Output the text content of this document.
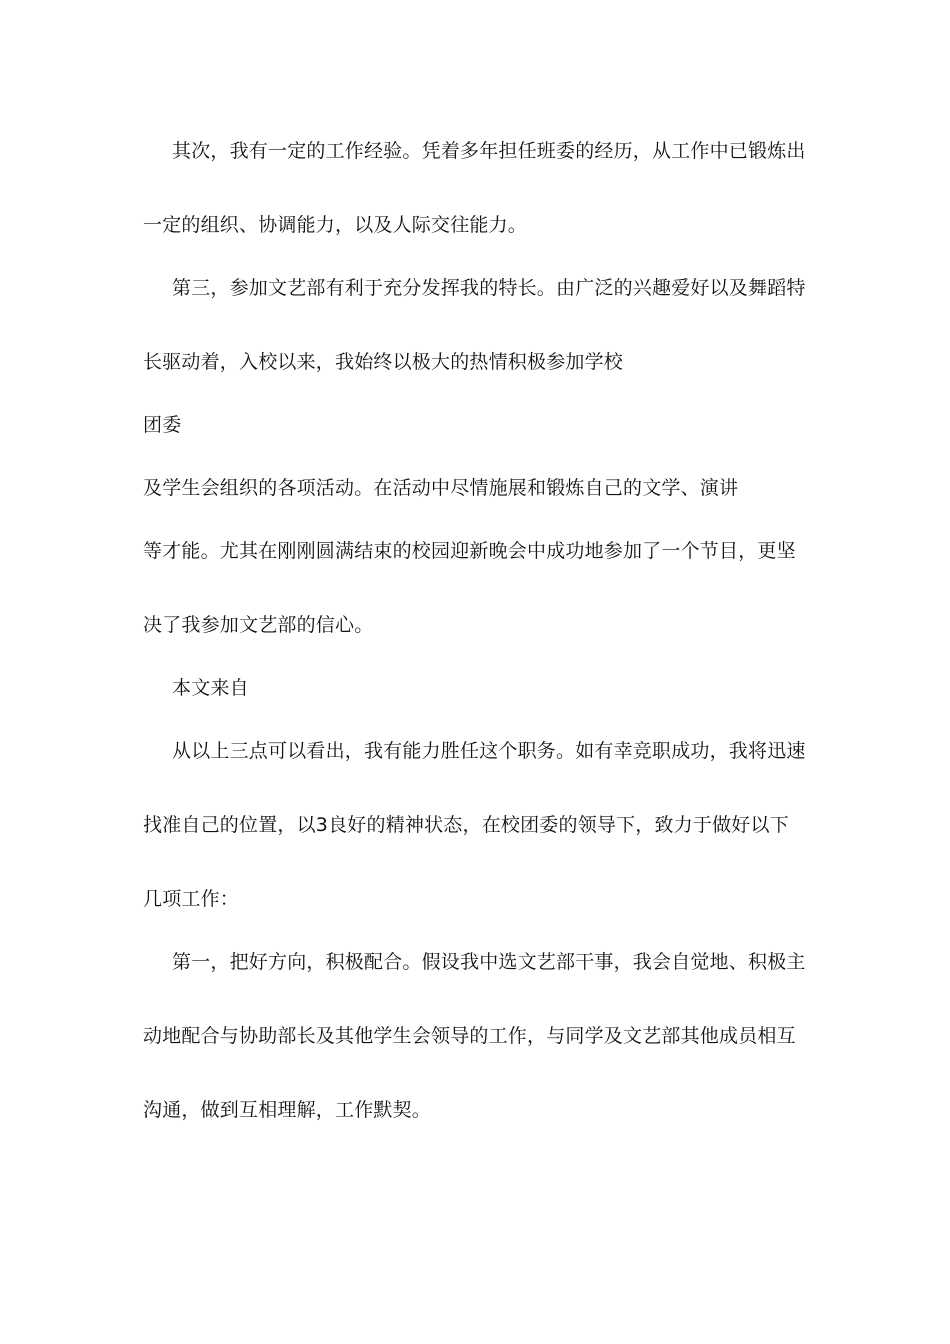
其次，我有一定的工作经验。凭着多年担任班委的经历，从工作中已锻炼出
一定的组织、协调能力，以及人际交往能力。
第三，参加文艺部有利于充分发挥我的特长。由广泛的兴趣爱好以及舞蹈特
长驱动着，入校以来，我始终以极大的热情积极参加学校
团委
及学生会组织的各项活动。在活动中尽情施展和锻炼自己的文学、演讲
等才能。尤其在刚刚圆满结束的校园迎新晚会中成功地参加了一个节目，更坚
决了我参加文艺部的信心。
本文来自
从以上三点可以看出，我有能力胜任这个职务。如有幸竞职成功，我将迅速
找准自己的位置，以3良好的精神状态，在校团委的领导下，致力于做好以下
几项工作：
第一，把好方向，积极配合。假设我中选文艺部干事，我会自觉地、积极主
动地配合与协助部长及其他学生会领导的工作，与同学及文艺部其他成员相互
沟通，做到互相理解，工作默契。
